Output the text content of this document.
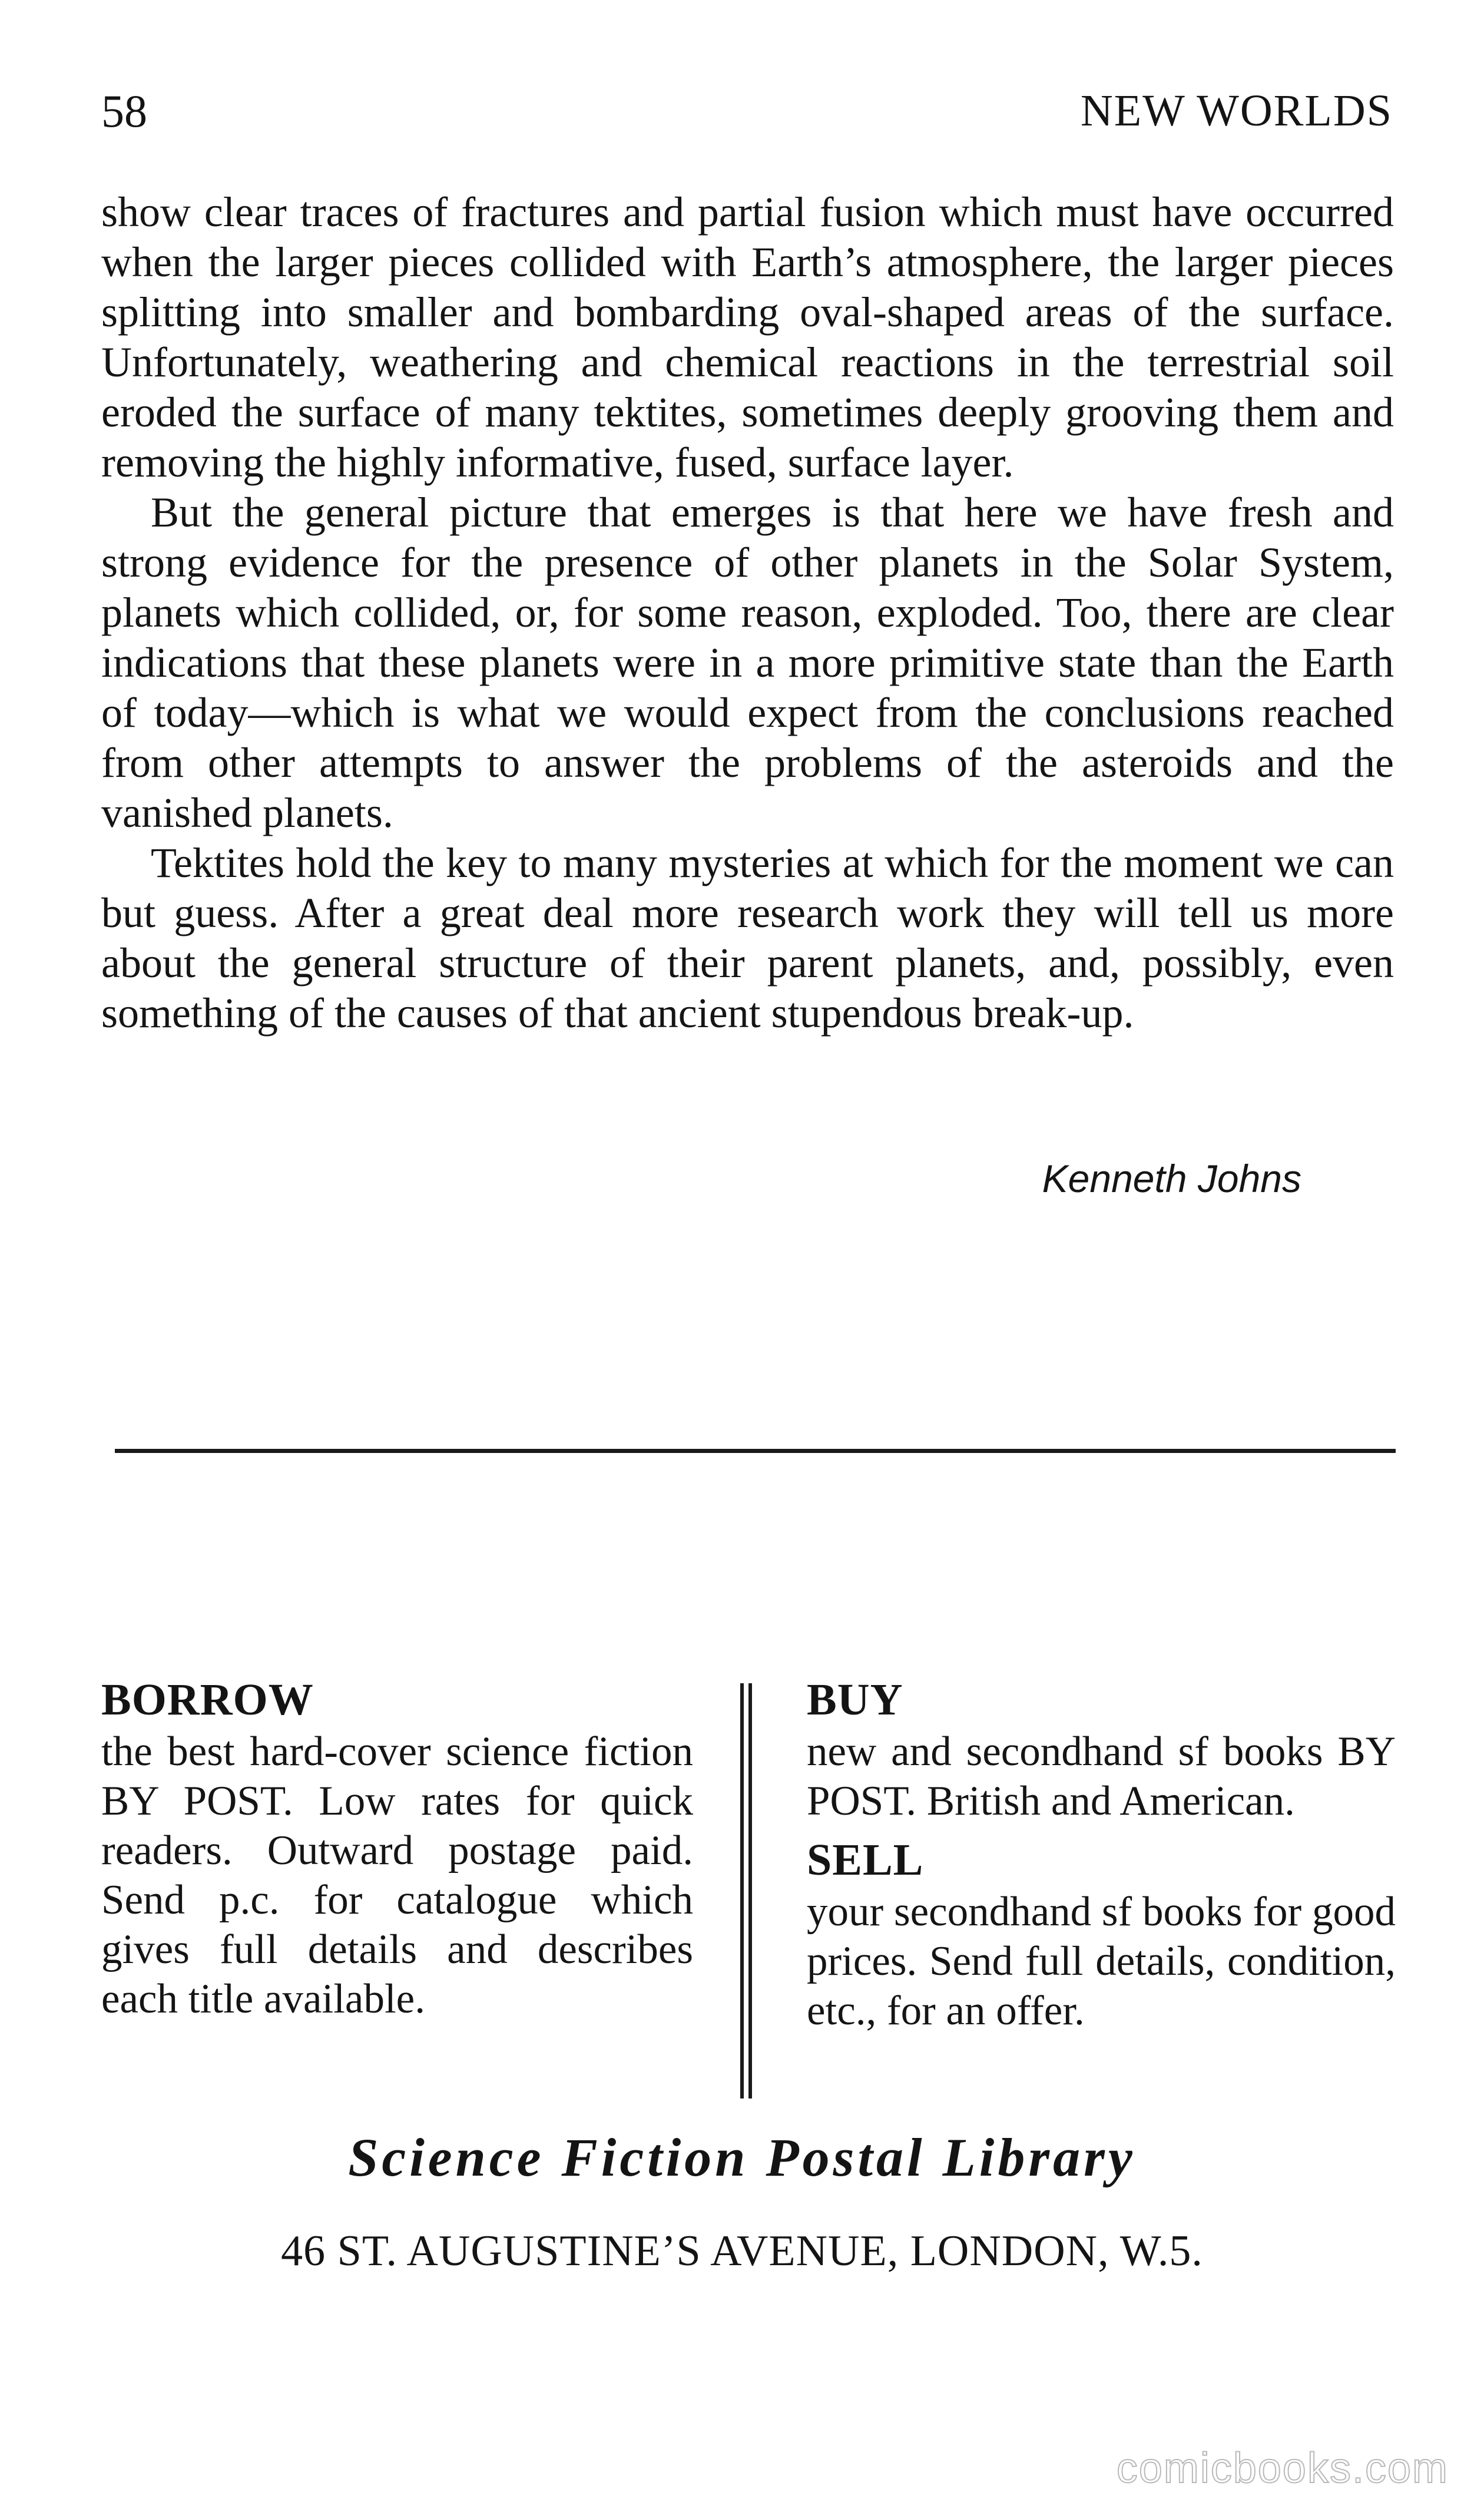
58	NEW WORLDS

show clear traces of fractures and partial fusion which must have occurred when the larger pieces collided with Earth’s atmosphere, the larger pieces splitting into smaller and bombarding oval-shaped areas of the surface. Unfortunately, weathering and chemical reactions in the terrestrial soil eroded the surface of many tektites, sometimes deeply grooving them and removing the highly informative, fused, surface layer.

But the general picture that emerges is that here we have fresh and strong evidence for the presence of other planets in the Solar System, planets which collided, or, for some reason, exploded. Too, there are clear indications that these planets were in a more primitive state than the Earth of today—which is what we would expect from the conclusions reached from other attempts to answer the problems of the asteroids and the vanished planets.

Tektites hold the key to many mysteries at which for the moment we can but guess. After a great deal more research work they will tell us more about the general structure of their parent planets, and, possibly, even something of the causes of that ancient stupendous break-up.

Kenneth Johns
BORROW

the best hard-cover science fiction BY POST. Low rates for quick readers. Outward postage paid. Send p.c. for catalogue which gives full details and describes each title available.

BUY

new and secondhand sf books BY POST. British and American.

SELL

your secondhand sf books for good prices. Send full details, condition, etc., for an offer.

Science Fiction Postal Library
46 ST. AUGUSTINE’S AVENUE, LONDON, W.5.
comicbooks.com
